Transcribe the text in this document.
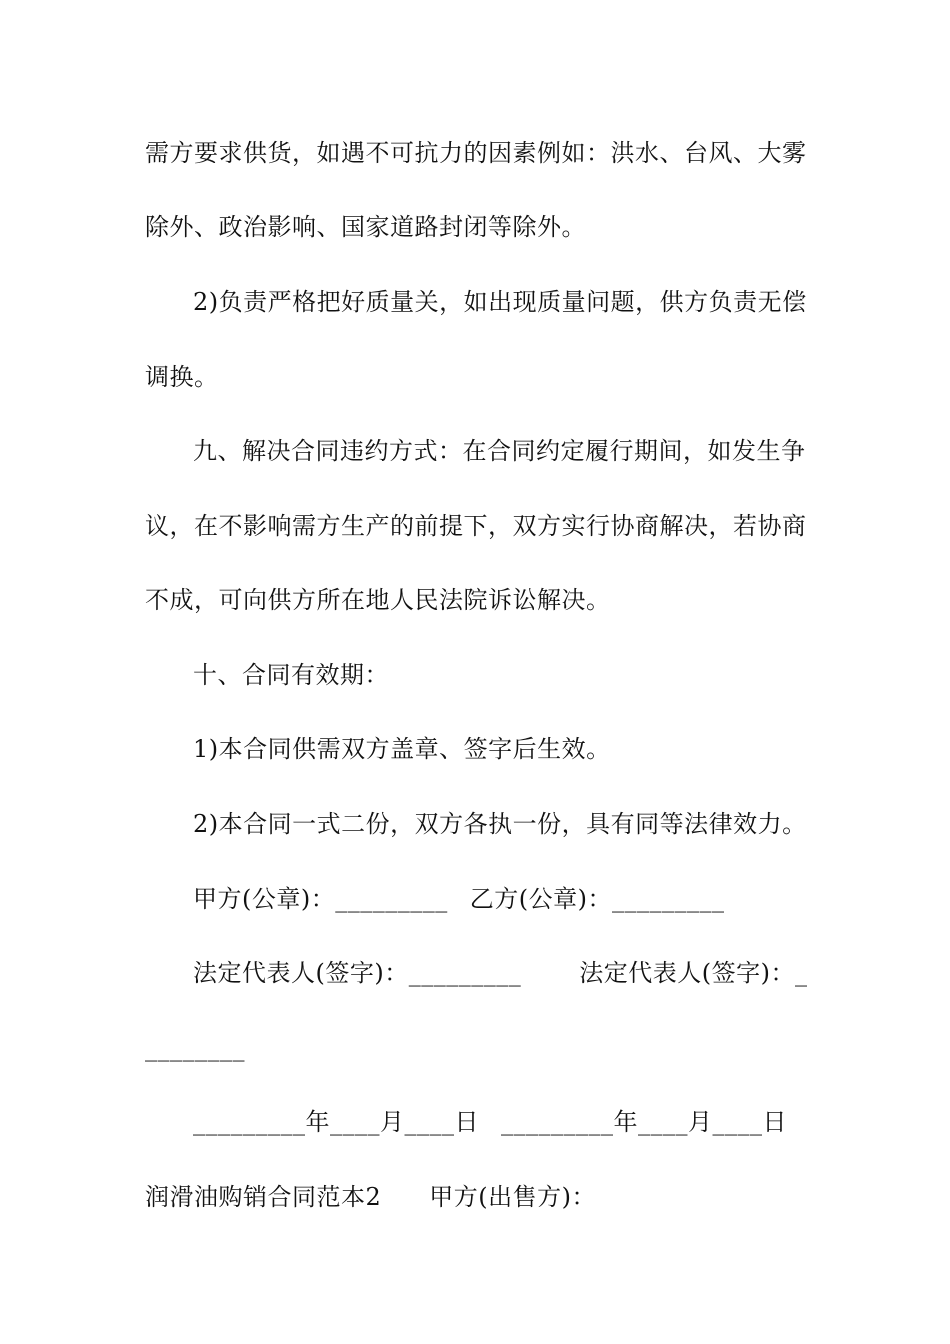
需方要求供货，如遇不可抗力的因素例如：洪水、台风、大雾
除外、政治影响、国家道路封闭等除外。
2)负责严格把好质量关，如出现质量问题，供方负责无偿
调换。
九、解决合同违约方式：在合同约定履行期间，如发生争
议，在不影响需方生产的前提下，双方实行协商解决，若协商
不成，可向供方所在地人民法院诉讼解决。
十、合同有效期：
1)本合同供需双方盖章、签字后生效。
2)本合同一式二份，双方各执一份，具有同等法律效力。
甲方(公章)：_________ 乙方(公章)：_________
法定代表人(签字)：_________ 法定代表人(签字)：_
________
_________年____月____日 _________年____月____日
润滑油购销合同范本2 甲方(出售方)：
